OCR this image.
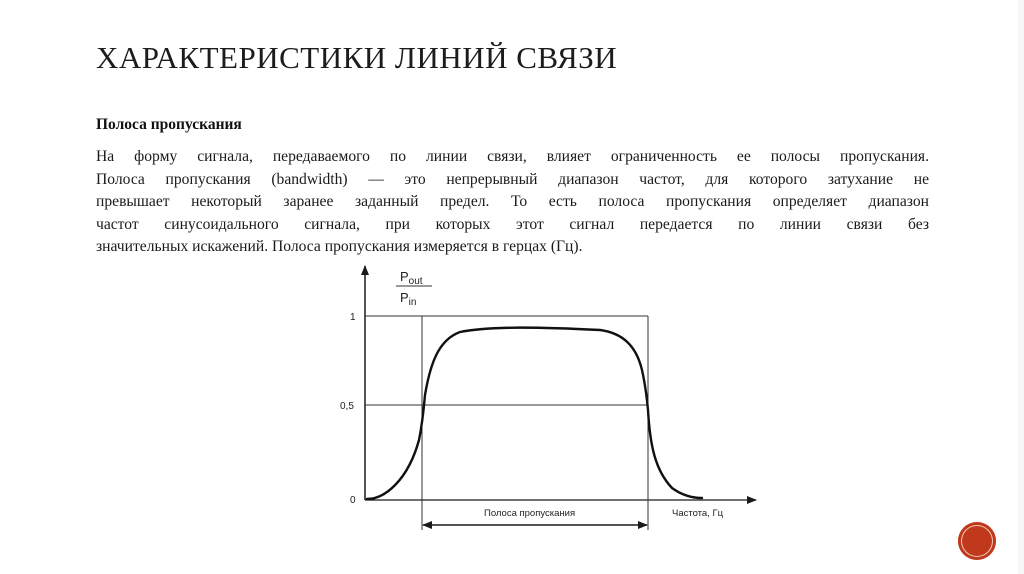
ХАРАКТЕРИСТИКИ ЛИНИЙ СВЯЗИ
Полоса пропускания
На форму сигнала, передаваемого по линии связи, влияет ограниченность ее полосы пропускания.
Полоса пропускания (bandwidth) — это непрерывный диапазон частот, для которого затухание не
превышает некоторый заранее заданный предел. То есть полоса пропускания определяет диапазон
частот синусоидального сигнала, при которых этот сигнал передается по линии связи без
значительных искажений. Полоса пропускания измеряется в герцах (Гц).
$P_{out}$
$P_{in}$
1
0,5
0
Полоса пропускания	Частота, Гц
